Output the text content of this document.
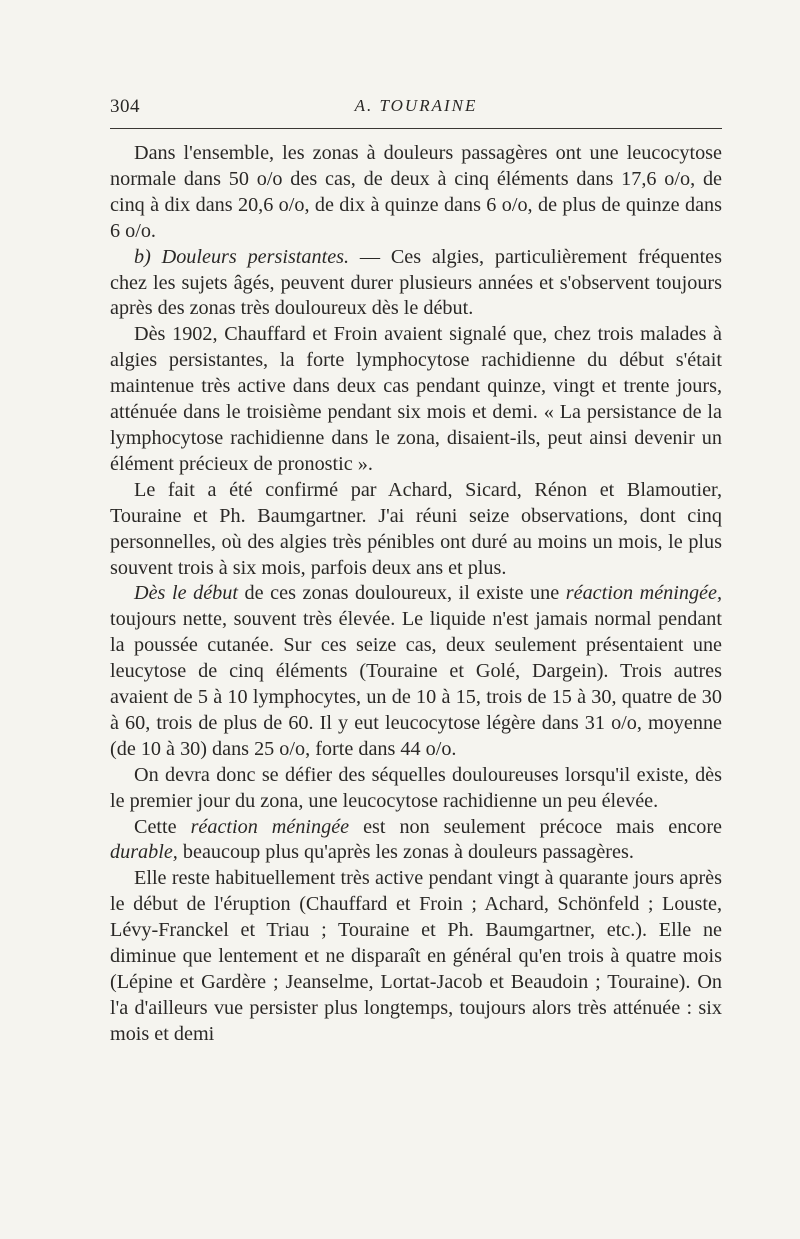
304	A. TOURAINE

Dans l'ensemble, les zonas à douleurs passagères ont une leucocytose normale dans 50 o/o des cas, de deux à cinq éléments dans 17,6 o/o, de cinq à dix dans 20,6 o/o, de dix à quinze dans 6 o/o, de plus de quinze dans 6 o/o.

b) Douleurs persistantes. — Ces algies, particulièrement fréquentes chez les sujets âgés, peuvent durer plusieurs années et s'observent toujours après des zonas très douloureux dès le début.

Dès 1902, Chauffard et Froin avaient signalé que, chez trois malades à algies persistantes, la forte lymphocytose rachidienne du début s'était maintenue très active dans deux cas pendant quinze, vingt et trente jours, atténuée dans le troisième pendant six mois et demi. « La persistance de la lymphocytose rachidienne dans le zona, disaient-ils, peut ainsi devenir un élément précieux de pronostic ».

Le fait a été confirmé par Achard, Sicard, Rénon et Blamoutier, Touraine et Ph. Baumgartner. J'ai réuni seize observations, dont cinq personnelles, où des algies très pénibles ont duré au moins un mois, le plus souvent trois à six mois, parfois deux ans et plus.

Dès le début de ces zonas douloureux, il existe une réaction méningée, toujours nette, souvent très élevée. Le liquide n'est jamais normal pendant la poussée cutanée. Sur ces seize cas, deux seulement présentaient une leucytose de cinq éléments (Touraine et Golé, Dargein). Trois autres avaient de 5 à 10 lymphocytes, un de 10 à 15, trois de 15 à 30, quatre de 30 à 60, trois de plus de 60. Il y eut leucocytose légère dans 31 o/o, moyenne (de 10 à 30) dans 25 o/o, forte dans 44 o/o.

On devra donc se défier des séquelles douloureuses lorsqu'il existe, dès le premier jour du zona, une leucocytose rachidienne un peu élevée.

Cette réaction méningée est non seulement précoce mais encore durable, beaucoup plus qu'après les zonas à douleurs passagères.

Elle reste habituellement très active pendant vingt à quarante jours après le début de l'éruption (Chauffard et Froin ; Achard, Schönfeld ; Louste, Lévy-Franckel et Triau ; Touraine et Ph. Baumgartner, etc.). Elle ne diminue que lentement et ne disparaît en général qu'en trois à quatre mois (Lépine et Gardère ; Jeanselme, Lortat-Jacob et Beaudoin ; Touraine). On l'a d'ailleurs vue persister plus longtemps, toujours alors très atténuée : six mois et demi
